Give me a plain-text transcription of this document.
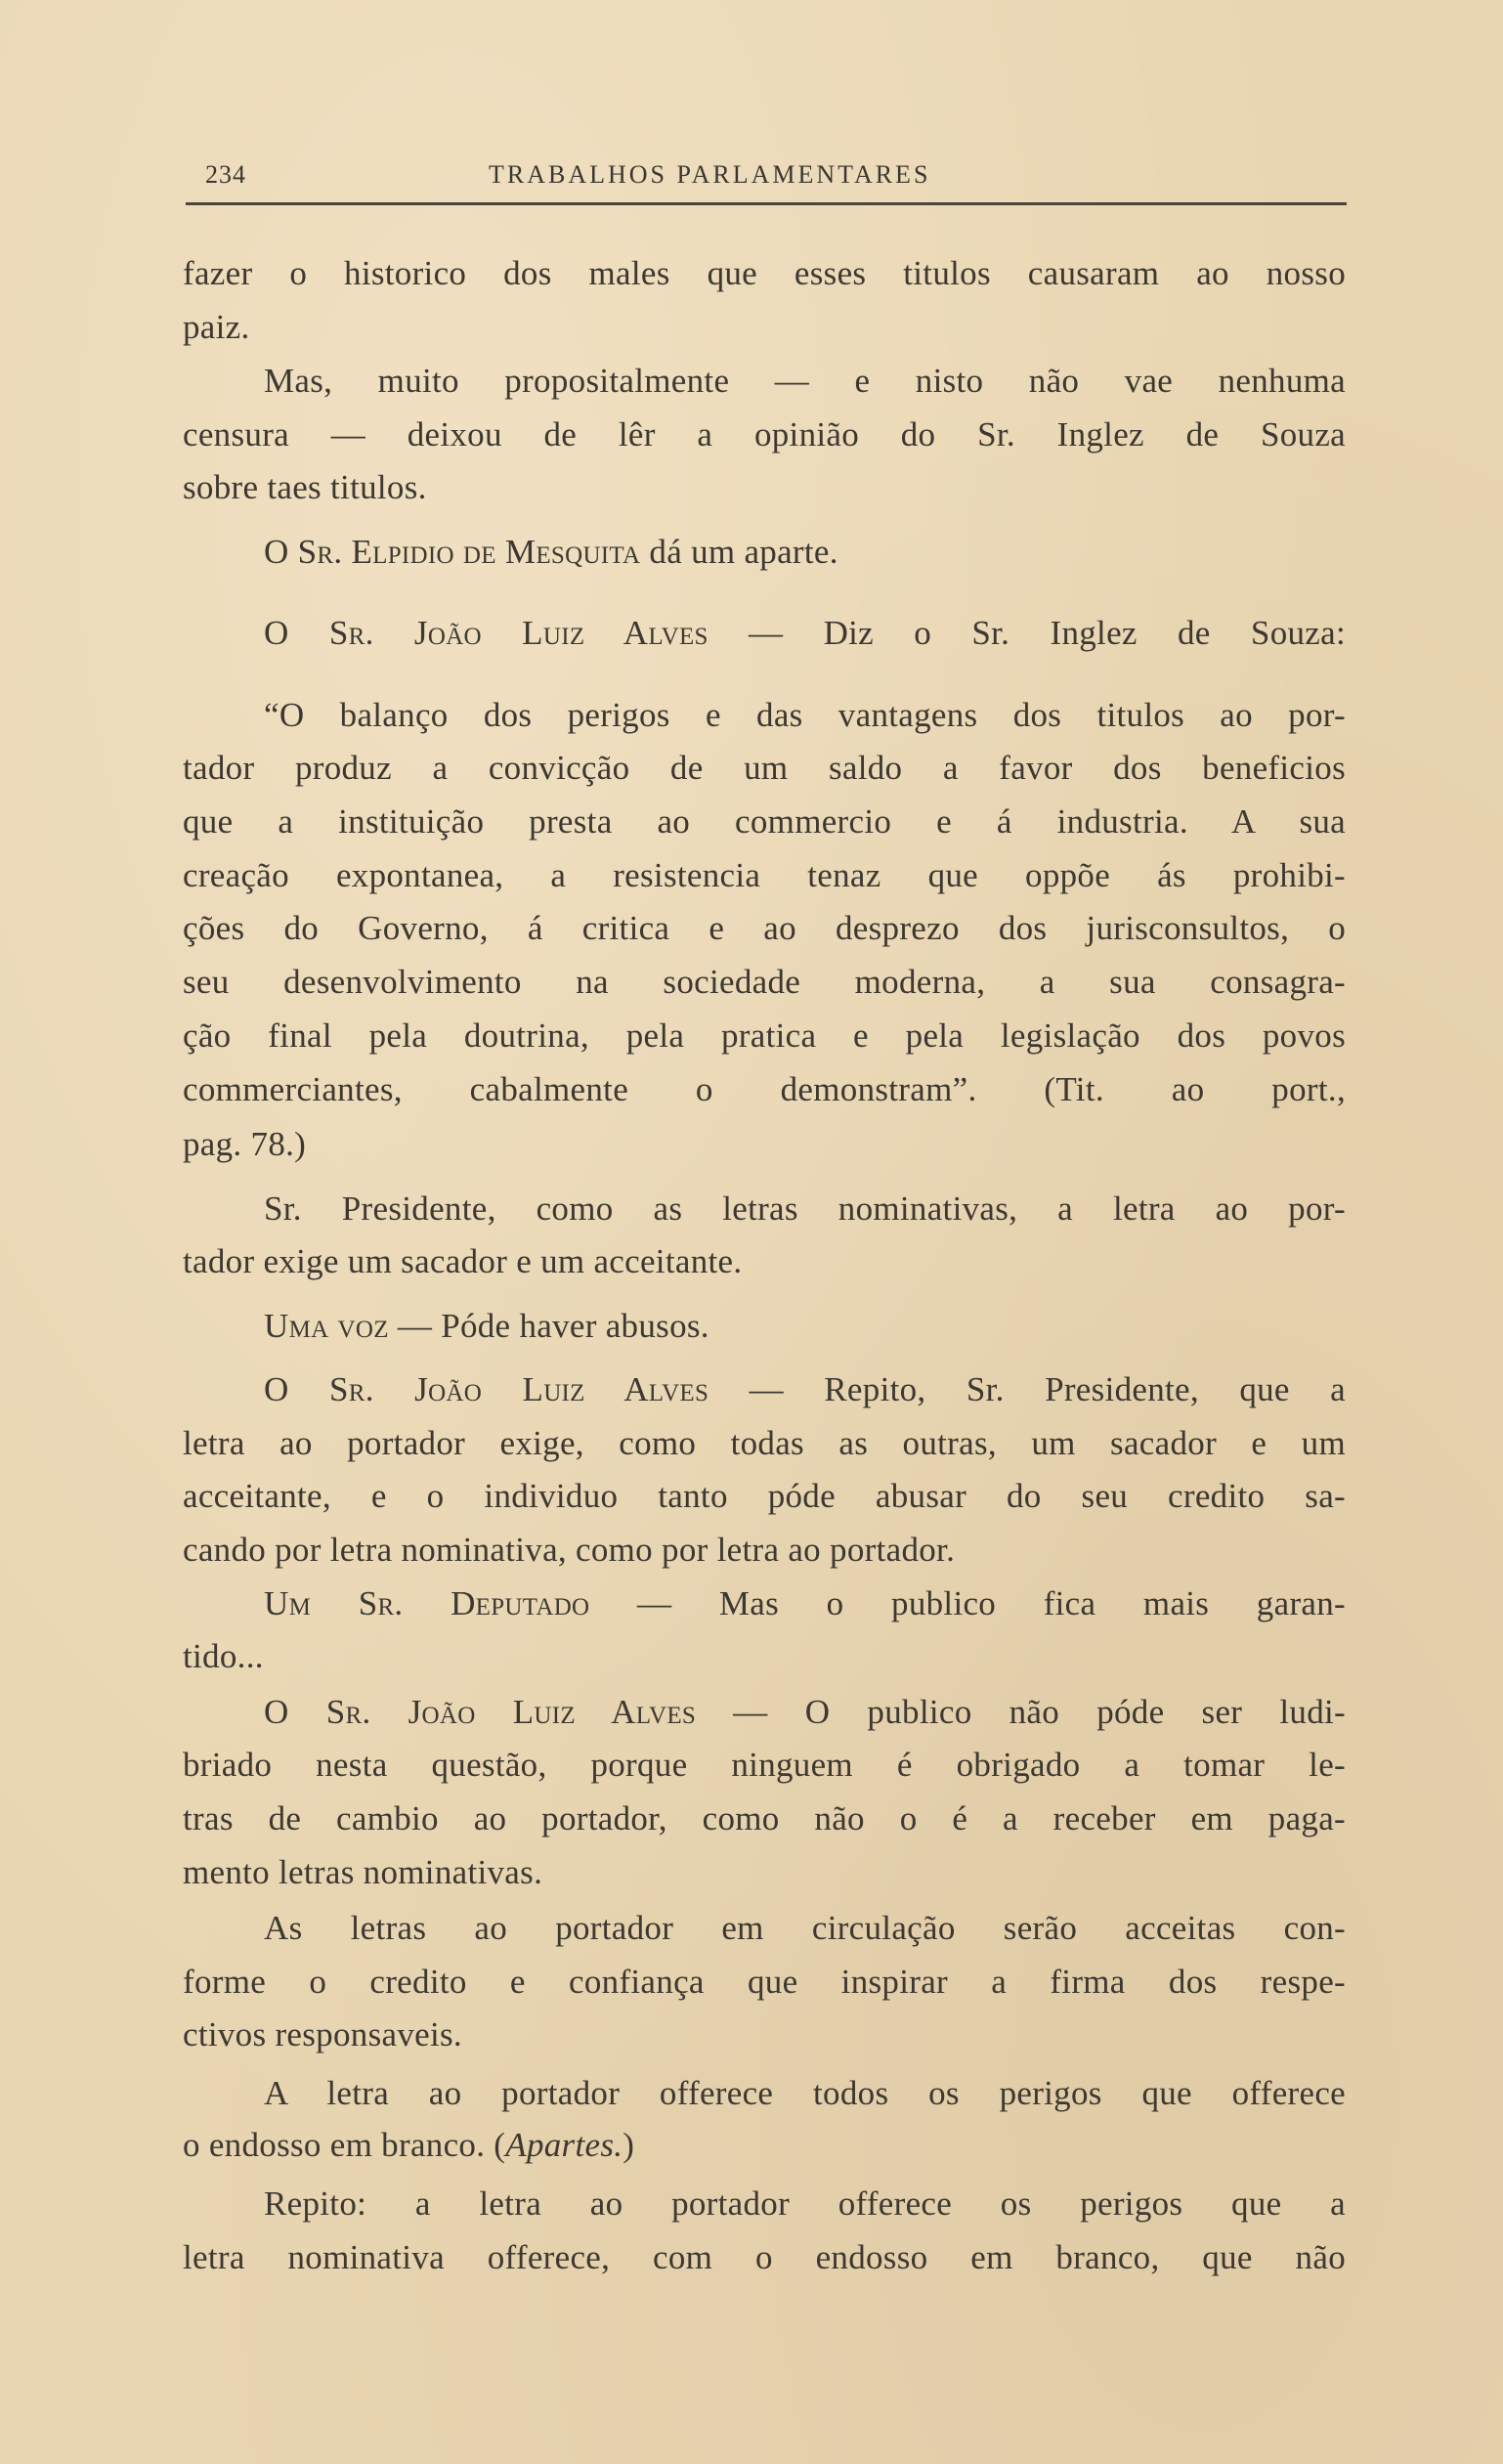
234	TRABALHOS PARLAMENTARES
fazer o historico dos males que esses titulos causaram ao nosso
paiz.
Mas, muito propositalmente — e nisto não vae nenhuma
censura — deixou de lêr a opinião do Sr. Inglez de Souza
sobre taes titulos.
O Sr. Elpidio de Mesquita dá um aparte.
O Sr. João Luiz Alves — Diz o Sr. Inglez de Souza:
“O balanço dos perigos e das vantagens dos titulos ao por-
tador produz a convicção de um saldo a favor dos beneficios
que a instituição presta ao commercio e á industria. A sua
creação expontanea, a resistencia tenaz que oppõe ás prohibi-
ções do Governo, á critica e ao desprezo dos jurisconsultos, o
seu desenvolvimento na sociedade moderna, a sua consagra-
ção final pela doutrina, pela pratica e pela legislação dos povos
commerciantes, cabalmente o demonstram”. (Tit. ao port.,
pag. 78.)
Sr. Presidente, como as letras nominativas, a letra ao por-
tador exige um sacador e um acceitante.
Uma voz — Póde haver abusos.
O Sr. João Luiz Alves — Repito, Sr. Presidente, que a
letra ao portador exige, como todas as outras, um sacador e um
acceitante, e o individuo tanto póde abusar do seu credito sa-
cando por letra nominativa, como por letra ao portador.
Um Sr. Deputado — Mas o publico fica mais garan-
tido...
O Sr. João Luiz Alves — O publico não póde ser ludi-
briado nesta questão, porque ninguem é obrigado a tomar le-
tras de cambio ao portador, como não o é a receber em paga-
mento letras nominativas.
As letras ao portador em circulação serão acceitas con-
forme o credito e confiança que inspirar a firma dos respe-
ctivos responsaveis.
A letra ao portador offerece todos os perigos que offerece
o endosso em branco. (Apartes.)
Repito: a letra ao portador offerece os perigos que a
letra nominativa offerece, com o endosso em branco, que não
